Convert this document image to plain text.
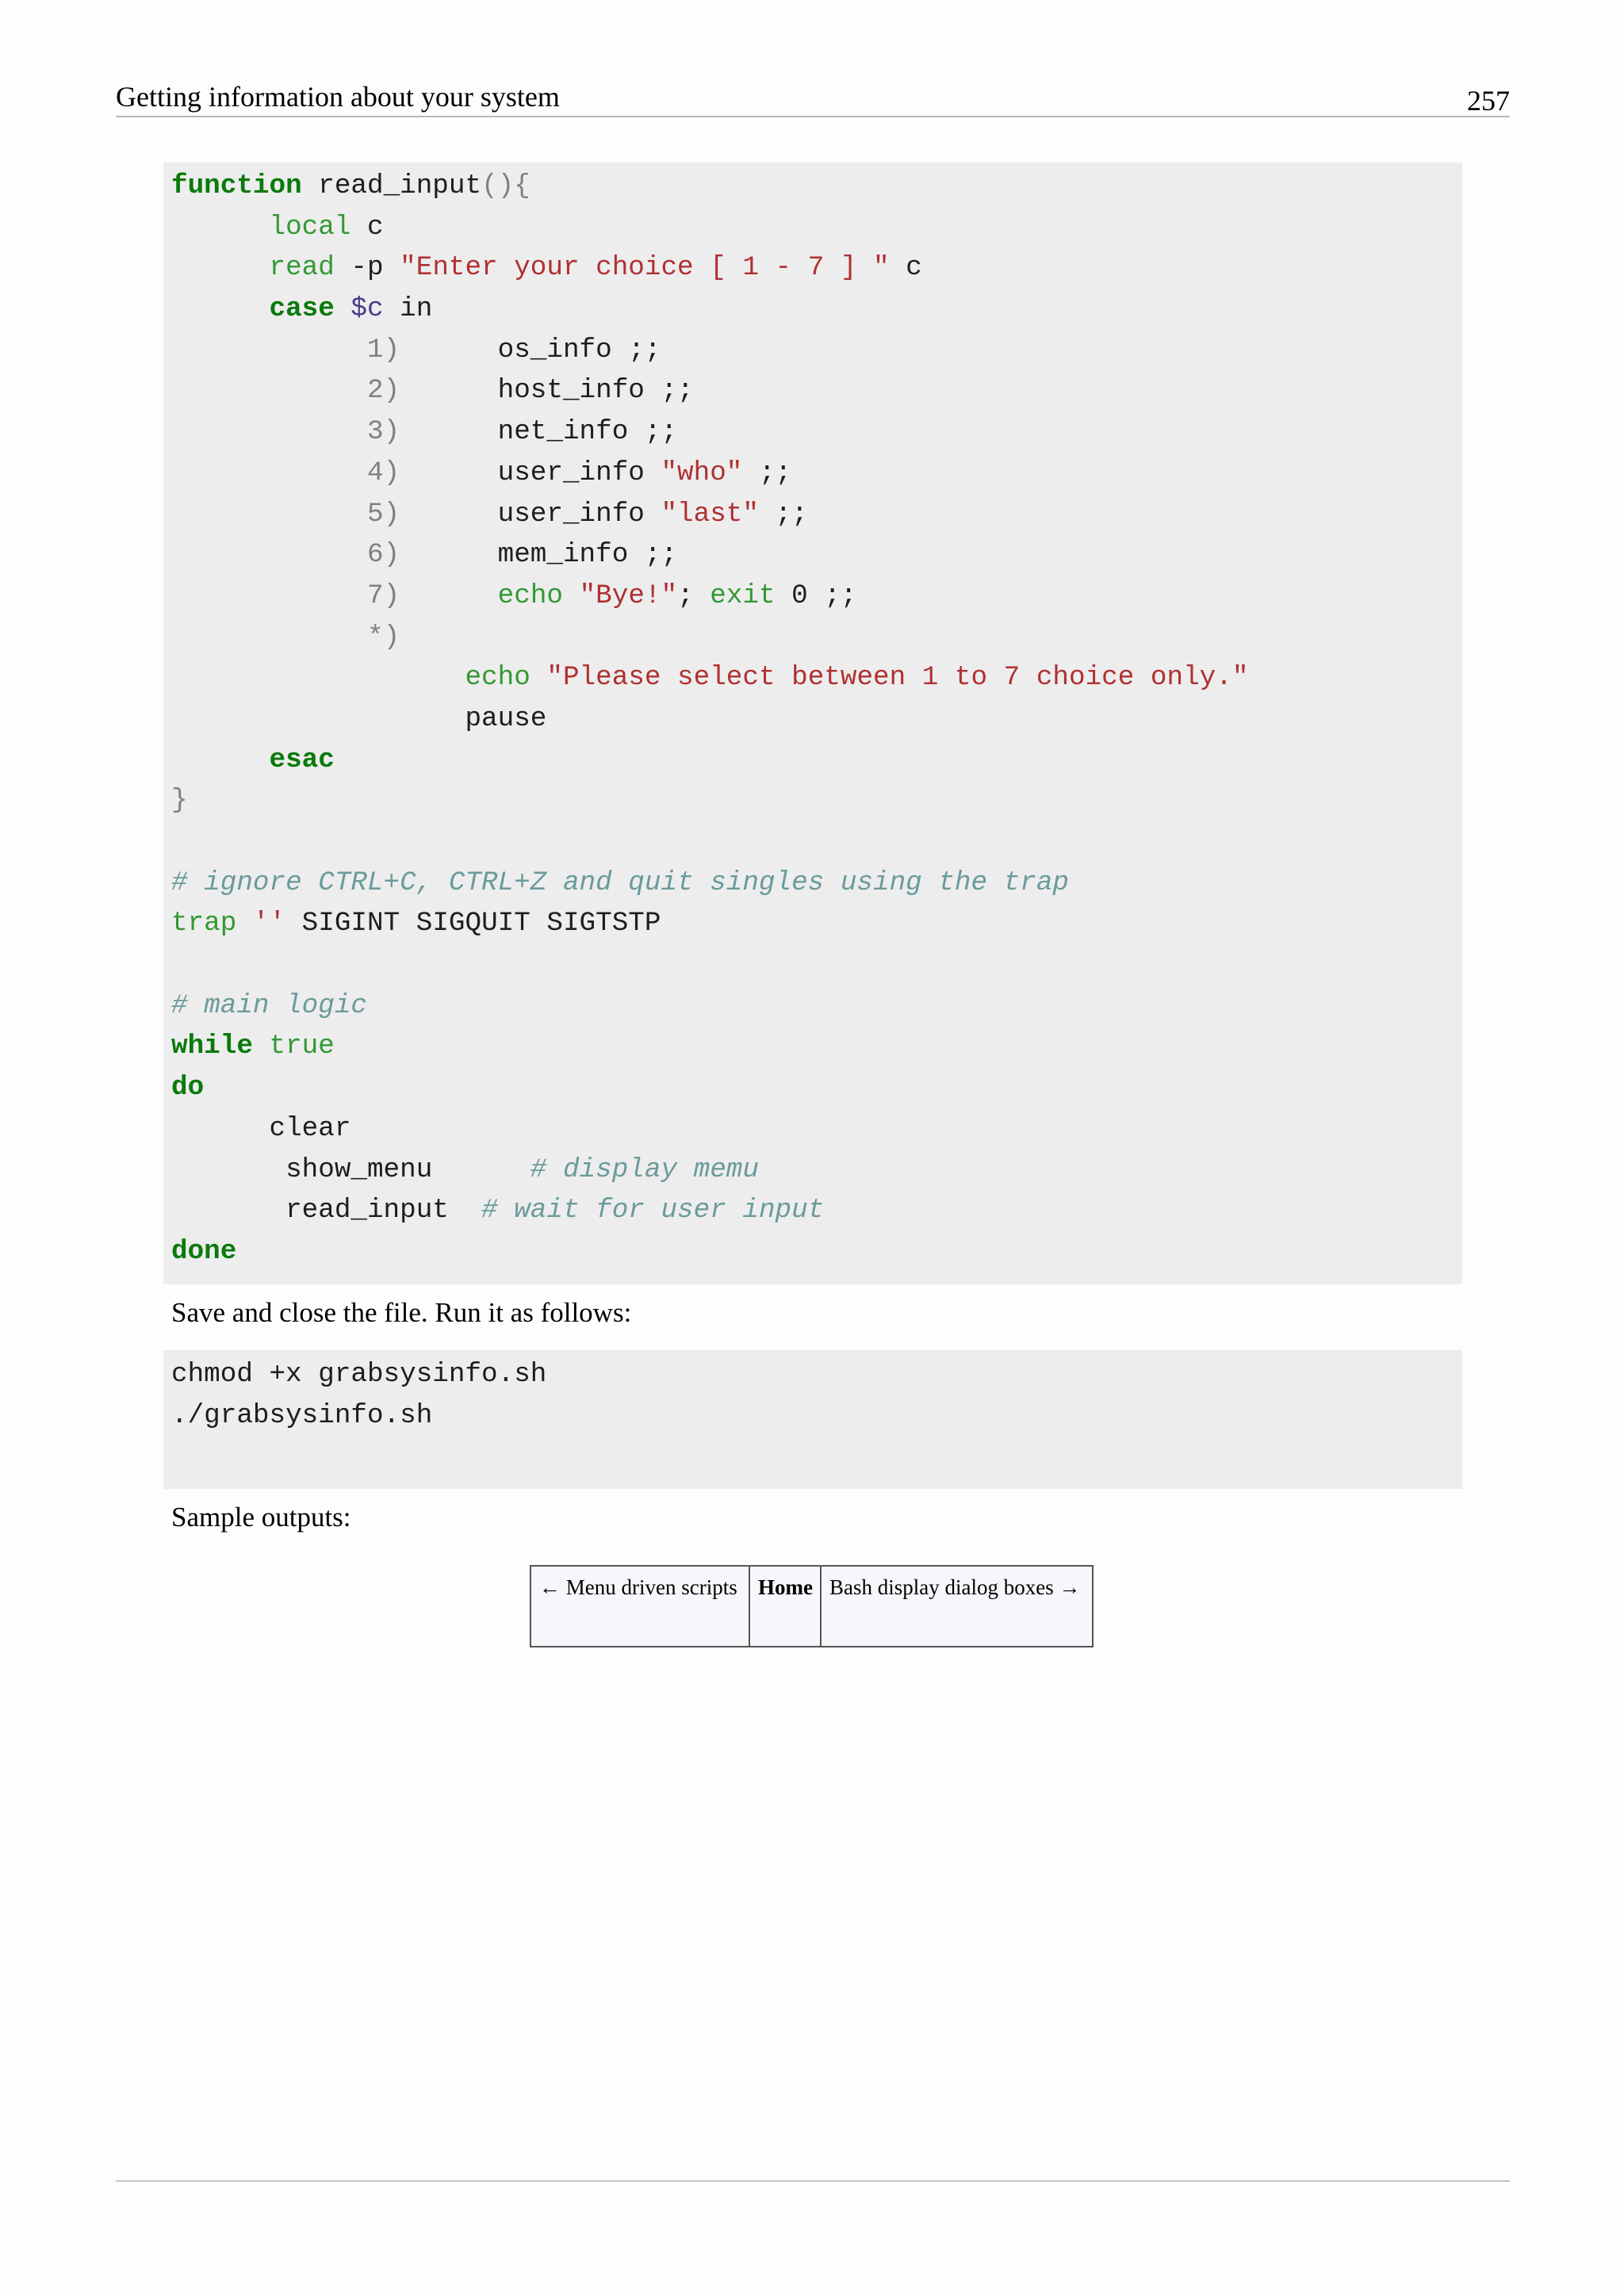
Getting information about your system	257
function read_input(){
local c
read -p "Enter your choice [ 1 - 7 ] " c
case $c in
1)      os_info ;;
2)      host_info ;;
3)      net_info ;;
4)      user_info "who" ;;
5)      user_info "last" ;;
6)      mem_info ;;
7)	echo "Bye!"; exit 0 ;;
*)
echo "Please select between 1 to 7 choice only."
pause
esac
}

# ignore CTRL+C, CTRL+Z and quit singles using the trap
trap '' SIGINT SIGQUIT SIGTSTP

# main logic
while true
do
clear
show_menu      # display memu
read_input  # wait for user input
done
Save and close the file. Run it as follows:
chmod +x grabsysinfo.sh
./grabsysinfo.sh
Sample outputs:
← Menu driven scripts Home Bash display dialog boxes →
